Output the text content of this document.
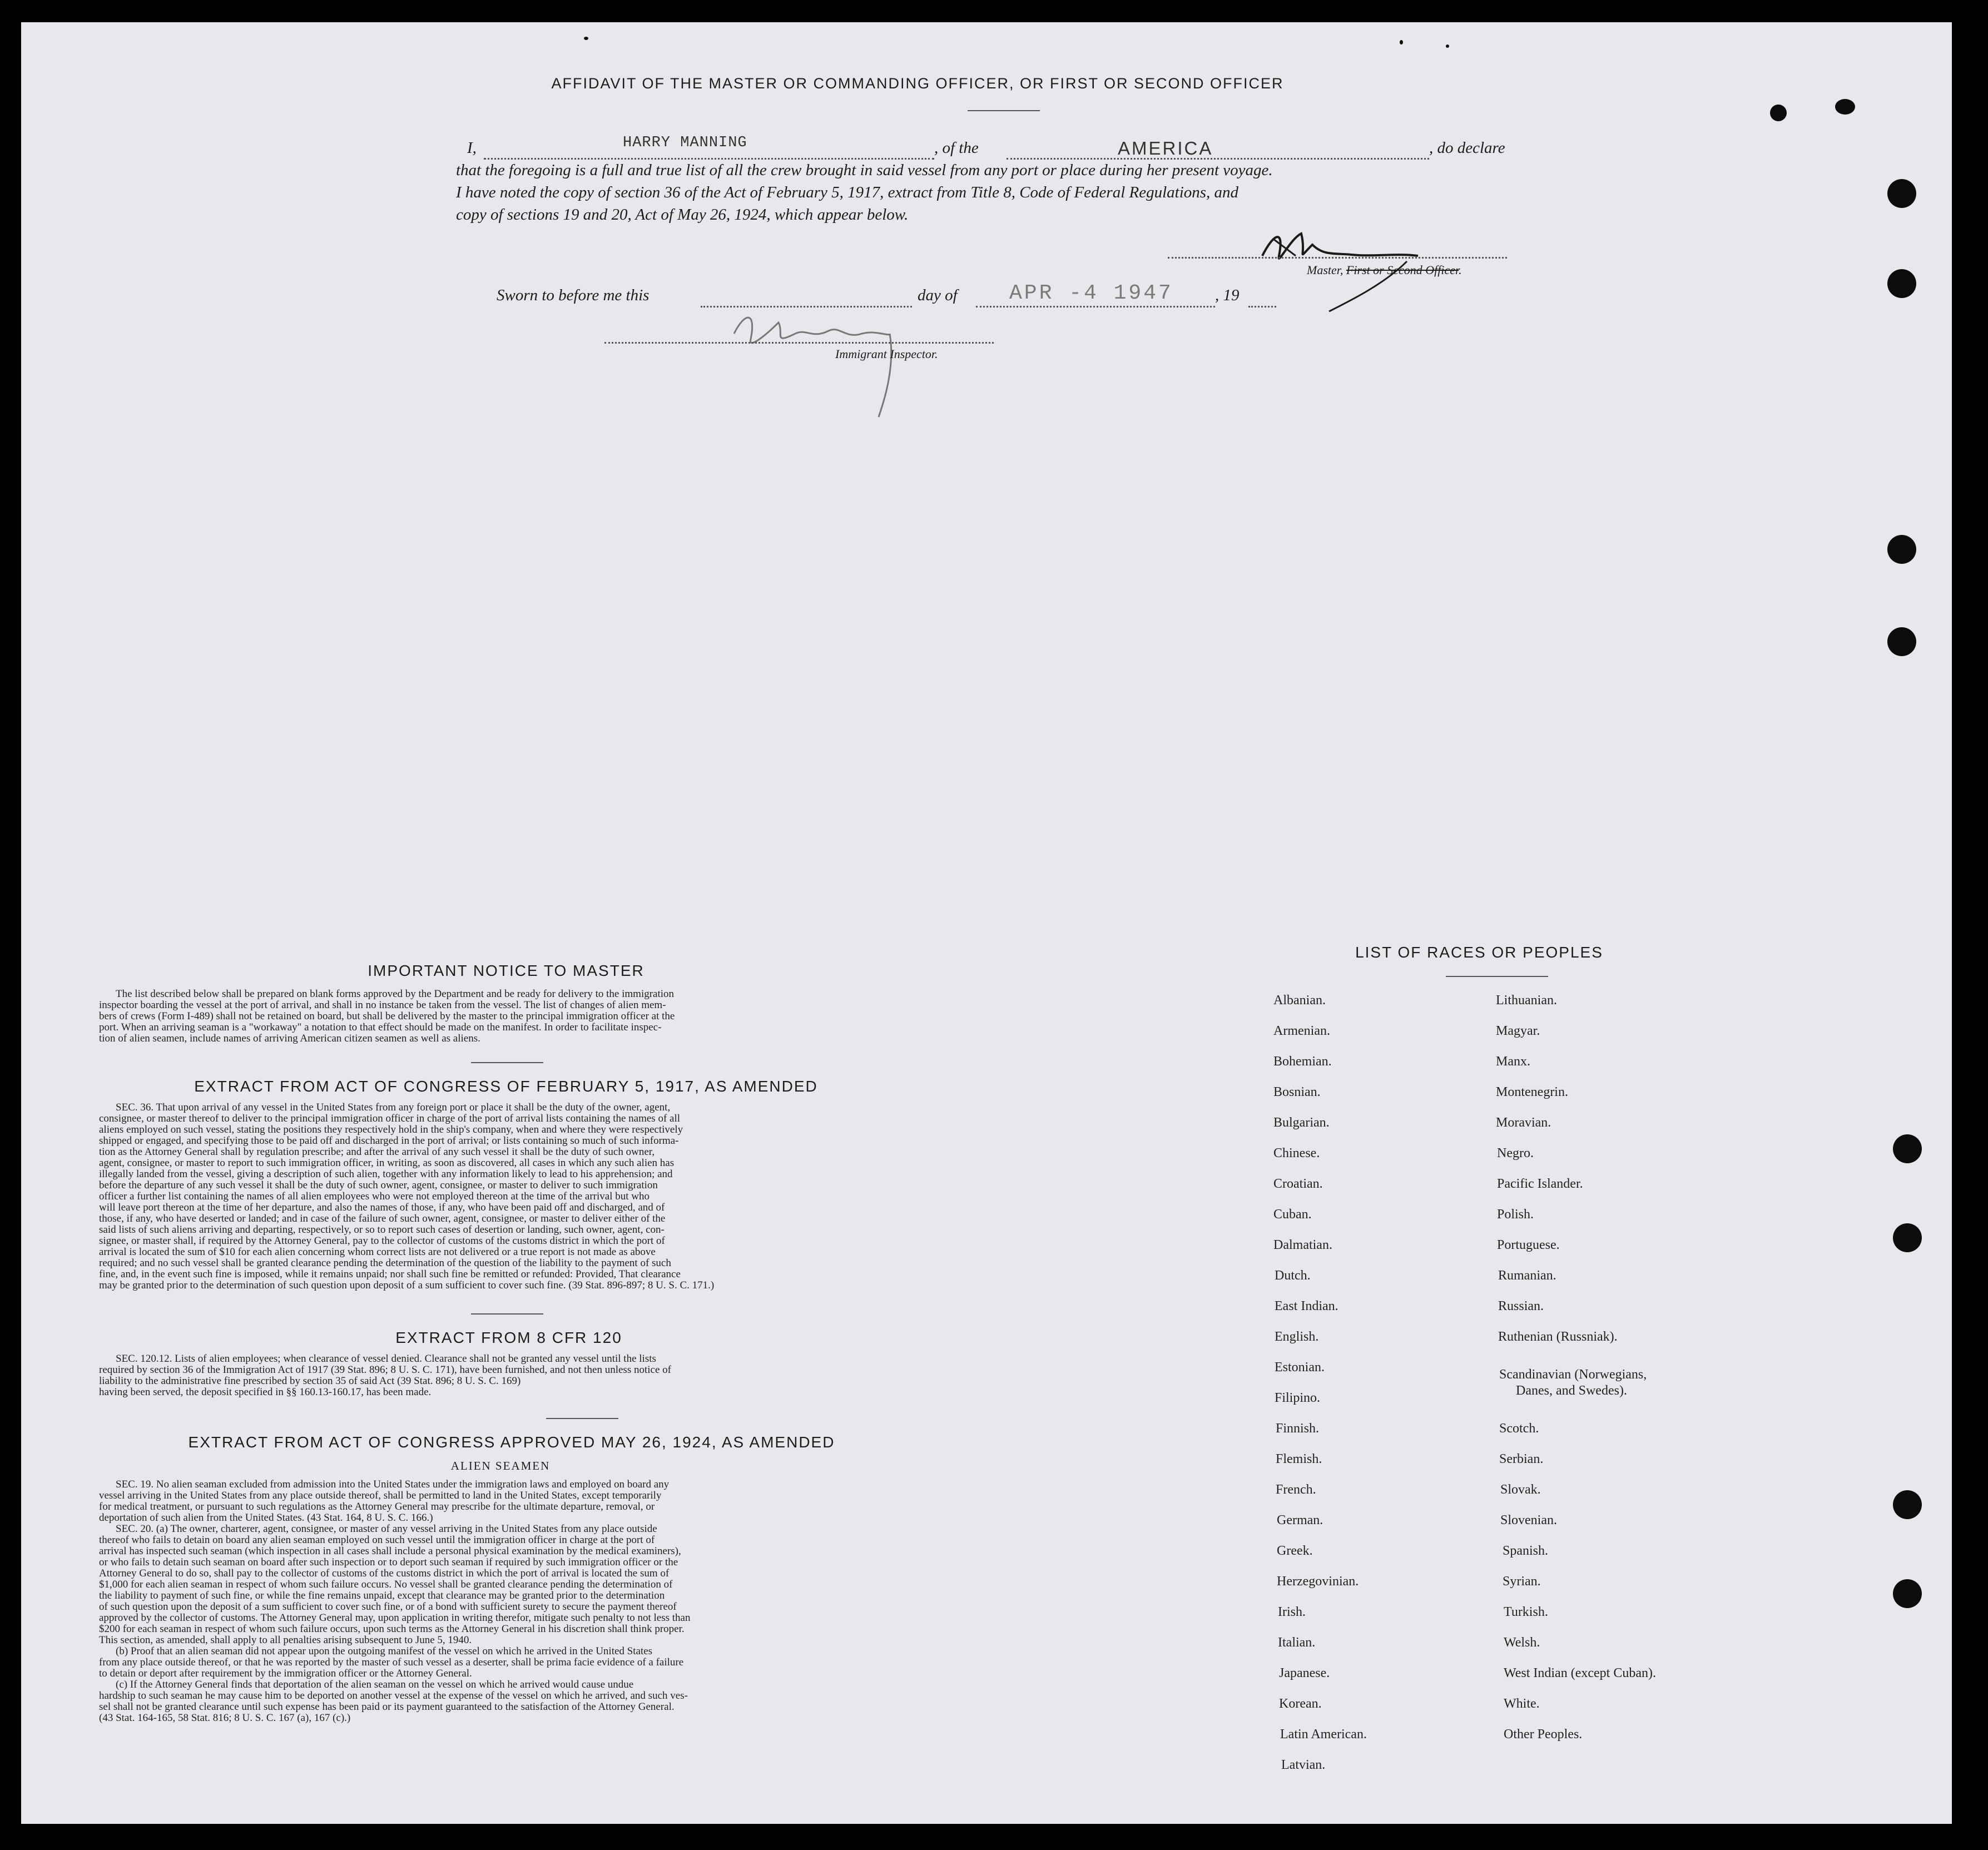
AFFIDAVIT OF THE MASTER OR COMMANDING OFFICER, OR FIRST OR SECOND OFFICER
I,	HARRY MANNING	, of the	AMERICA	, do declare
that the foregoing is a full and true list of all the crew brought in said vessel from any port or place during her present voyage.
I have noted the copy of section 36 of the Act of February 5, 1917, extract from Title 8, Code of Federal Regulations, and
copy of sections 19 and 20, Act of May 26, 1924, which appear below.
Master, First or Second Officer.
Sworn to before me this	day of APR -4 1947	, 19
Immigrant Inspector.
IMPORTANT NOTICE TO MASTER
The list described below shall be prepared on blank forms approved by the Department and be ready for delivery to the immigration
inspector boarding the vessel at the port of arrival, and shall in no instance be taken from the vessel. The list of changes of alien mem-
bers of crews (Form I-489) shall not be retained on board, but shall be delivered by the master to the principal immigration officer at the
port. When an arriving seaman is a "workaway" a notation to that effect should be made on the manifest. In order to facilitate inspec-
tion of alien seamen, include names of arriving American citizen seamen as well as aliens.
EXTRACT FROM ACT OF CONGRESS OF FEBRUARY 5, 1917, AS AMENDED
SEC. 36. That upon arrival of any vessel in the United States from any foreign port or place it shall be the duty of the owner, agent,
consignee, or master thereof to deliver to the principal immigration officer in charge of the port of arrival lists containing the names of all
aliens employed on such vessel, stating the positions they respectively hold in the ship's company, when and where they were respectively
shipped or engaged, and specifying those to be paid off and discharged in the port of arrival; or lists containing so much of such informa-
tion as the Attorney General shall by regulation prescribe; and after the arrival of any such vessel it shall be the duty of such owner,
agent, consignee, or master to report to such immigration officer, in writing, as soon as discovered, all cases in which any such alien has
illegally landed from the vessel, giving a description of such alien, together with any information likely to lead to his apprehension; and
before the departure of any such vessel it shall be the duty of such owner, agent, consignee, or master to deliver to such immigration
officer a further list containing the names of all alien employees who were not employed thereon at the time of the arrival but who
will leave port thereon at the time of her departure, and also the names of those, if any, who have been paid off and discharged, and of
those, if any, who have deserted or landed; and in case of the failure of such owner, agent, consignee, or master to deliver either of the
said lists of such aliens arriving and departing, respectively, or so to report such cases of desertion or landing, such owner, agent, con-
signee, or master shall, if required by the Attorney General, pay to the collector of customs of the customs district in which the port of
arrival is located the sum of $10 for each alien concerning whom correct lists are not delivered or a true report is not made as above
required; and no such vessel shall be granted clearance pending the determination of the question of the liability to the payment of such
fine, and, in the event such fine is imposed, while it remains unpaid; nor shall such fine be remitted or refunded: Provided, That clearance
may be granted prior to the determination of such question upon deposit of a sum sufficient to cover such fine. (39 Stat. 896-897; 8 U. S. C. 171.)
EXTRACT FROM 8 CFR 120
SEC. 120.12. Lists of alien employees; when clearance of vessel denied. Clearance shall not be granted any vessel until the lists
required by section 36 of the Immigration Act of 1917 (39 Stat. 896; 8 U. S. C. 171), have been furnished, and not then unless notice of
liability to the administrative fine prescribed by section 35 of said Act (39 Stat. 896; 8 U. S. C. 169)
having been served, the deposit specified in §§ 160.13-160.17, has been made.
EXTRACT FROM ACT OF CONGRESS APPROVED MAY 26, 1924, AS AMENDED
ALIEN SEAMEN
SEC. 19. No alien seaman excluded from admission into the United States under the immigration laws and employed on board any
vessel arriving in the United States from any place outside thereof, shall be permitted to land in the United States, except temporarily
for medical treatment, or pursuant to such regulations as the Attorney General may prescribe for the ultimate departure, removal, or
deportation of such alien from the United States. (43 Stat. 164, 8 U. S. C. 166.)
SEC. 20. (a) The owner, charterer, agent, consignee, or master of any vessel arriving in the United States from any place outside
thereof who fails to detain on board any alien seaman employed on such vessel until the immigration officer in charge at the port of
arrival has inspected such seaman (which inspection in all cases shall include a personal physical examination by the medical examiners),
or who fails to detain such seaman on board after such inspection or to deport such seaman if required by such immigration officer or the
Attorney General to do so, shall pay to the collector of customs of the customs district in which the port of arrival is located the sum of
$1,000 for each alien seaman in respect of whom such failure occurs. No vessel shall be granted clearance pending the determination of
the liability to payment of such fine, or while the fine remains unpaid, except that clearance may be granted prior to the determination
of such question upon the deposit of a sum sufficient to cover such fine, or of a bond with sufficient surety to secure the payment thereof
approved by the collector of customs. The Attorney General may, upon application in writing therefor, mitigate such penalty to not less than
$200 for each seaman in respect of whom such failure occurs, upon such terms as the Attorney General in his discretion shall think proper.
This section, as amended, shall apply to all penalties arising subsequent to June 5, 1940.
(b) Proof that an alien seaman did not appear upon the outgoing manifest of the vessel on which he arrived in the United States
from any place outside thereof, or that he was reported by the master of such vessel as a deserter, shall be prima facie evidence of a failure
to detain or deport after requirement by the immigration officer or the Attorney General.
(c) If the Attorney General finds that deportation of the alien seaman on the vessel on which he arrived would cause undue
hardship to such seaman he may cause him to be deported on another vessel at the expense of the vessel on which he arrived, and such ves-
sel shall not be granted clearance until such expense has been paid or its payment guaranteed to the satisfaction of the Attorney General.
(43 Stat. 164-165, 58 Stat. 816; 8 U. S. C. 167 (a), 167 (c).)
LIST OF RACES OR PEOPLES
Albanian.
Armenian.
Bohemian.
Bosnian.
Bulgarian.
Chinese.
Croatian.
Cuban.
Dalmatian.
Dutch.
East Indian.
English.
Estonian.
Filipino.
Finnish.
Flemish.
French.
German.
Greek.
Herzegovinian.
Irish.
Italian.
Japanese.
Korean.
Latin American.
Latvian.
Lithuanian.
Magyar.
Manx.
Montenegrin.
Moravian.
Negro.
Pacific Islander.
Polish.
Portuguese.
Rumanian.
Russian.
Ruthenian (Russniak).
Scandinavian (Norwegians,
Danes, and Swedes).
Scotch.
Serbian.
Slovak.
Slovenian.
Spanish.
Syrian.
Turkish.
Welsh.
West Indian (except Cuban).
White.
Other Peoples.
